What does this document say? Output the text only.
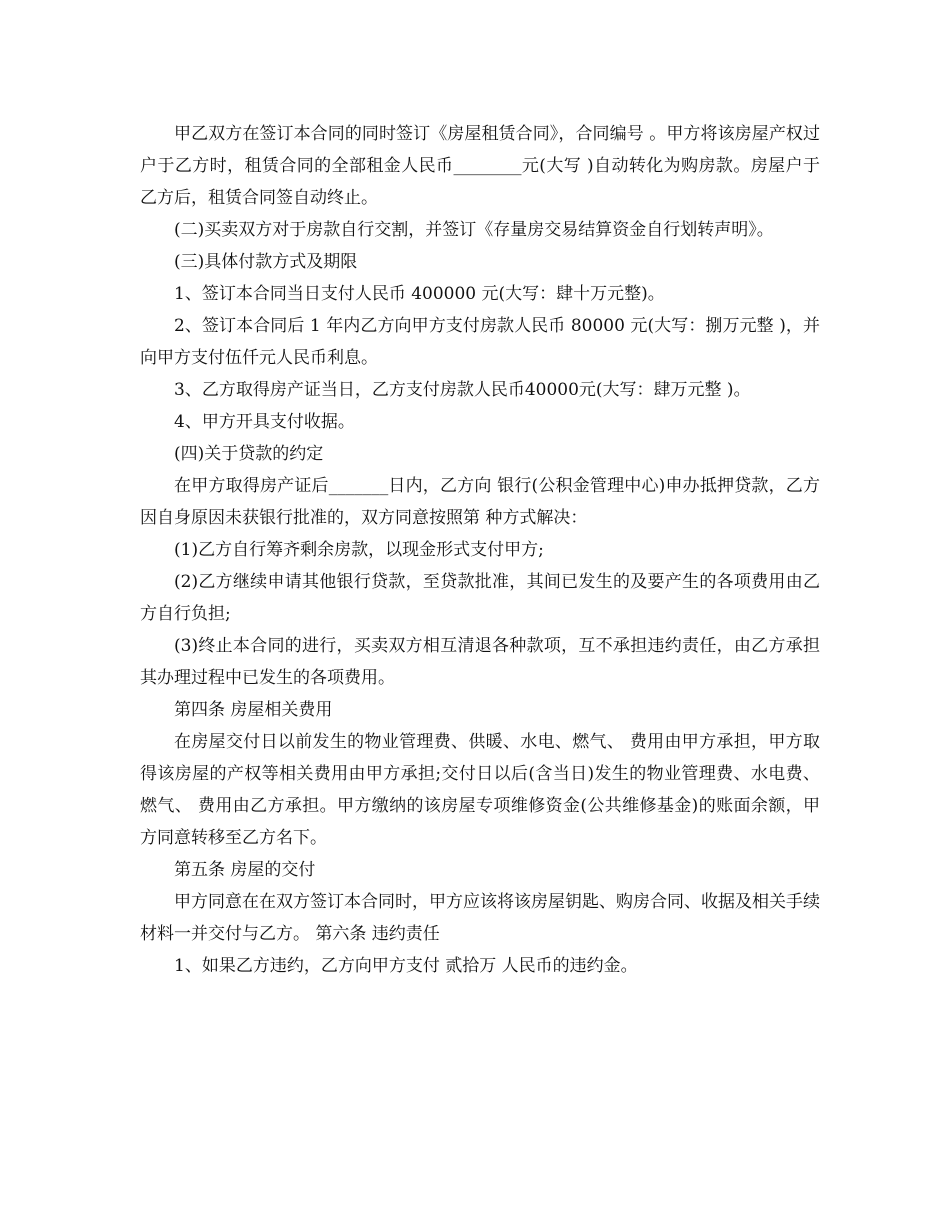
甲乙双方在签订本合同的同时签订《房屋租赁合同》，合同编号 。甲方将该房屋产权过户于乙方时，租赁合同的全部租金人民币________元(大写 )自动转化为购房款。房屋户于乙方后，租赁合同签自动终止。

(二)买卖双方对于房款自行交割，并签订《存量房交易结算资金自行划转声明》。

(三)具体付款方式及期限

1、签订本合同当日支付人民币 400000 元(大写：肆十万元整)。

2、签订本合同后 1 年内乙方向甲方支付房款人民币 80000 元(大写：捌万元整 )，并向甲方支付伍仟元人民币利息。

3、乙方取得房产证当日，乙方支付房款人民币40000元(大写：肆万元整 )。

4、甲方开具支付收据。

(四)关于贷款的约定

在甲方取得房产证后_______日内，乙方向 银行(公积金管理中心)申办抵押贷款，乙方因自身原因未获银行批准的，双方同意按照第 种方式解决：

(1)乙方自行筹齐剩余房款，以现金形式支付甲方;

(2)乙方继续申请其他银行贷款，至贷款批准，其间已发生的及要产生的各项费用由乙方自行负担;

(3)终止本合同的进行，买卖双方相互清退各种款项，互不承担违约责任，由乙方承担其办理过程中已发生的各项费用。

第四条 房屋相关费用

在房屋交付日以前发生的物业管理费、供暖、水电、燃气、 费用由甲方承担，甲方取得该房屋的产权等相关费用由甲方承担;交付日以后(含当日)发生的物业管理费、水电费、燃气、 费用由乙方承担。甲方缴纳的该房屋专项维修资金(公共维修基金)的账面余额，甲方同意转移至乙方名下。

第五条 房屋的交付

甲方同意在在双方签订本合同时，甲方应该将该房屋钥匙、购房合同、收据及相关手续材料一并交付与乙方。 第六条 违约责任

1、如果乙方违约，乙方向甲方支付 贰拾万 人民币的违约金。
